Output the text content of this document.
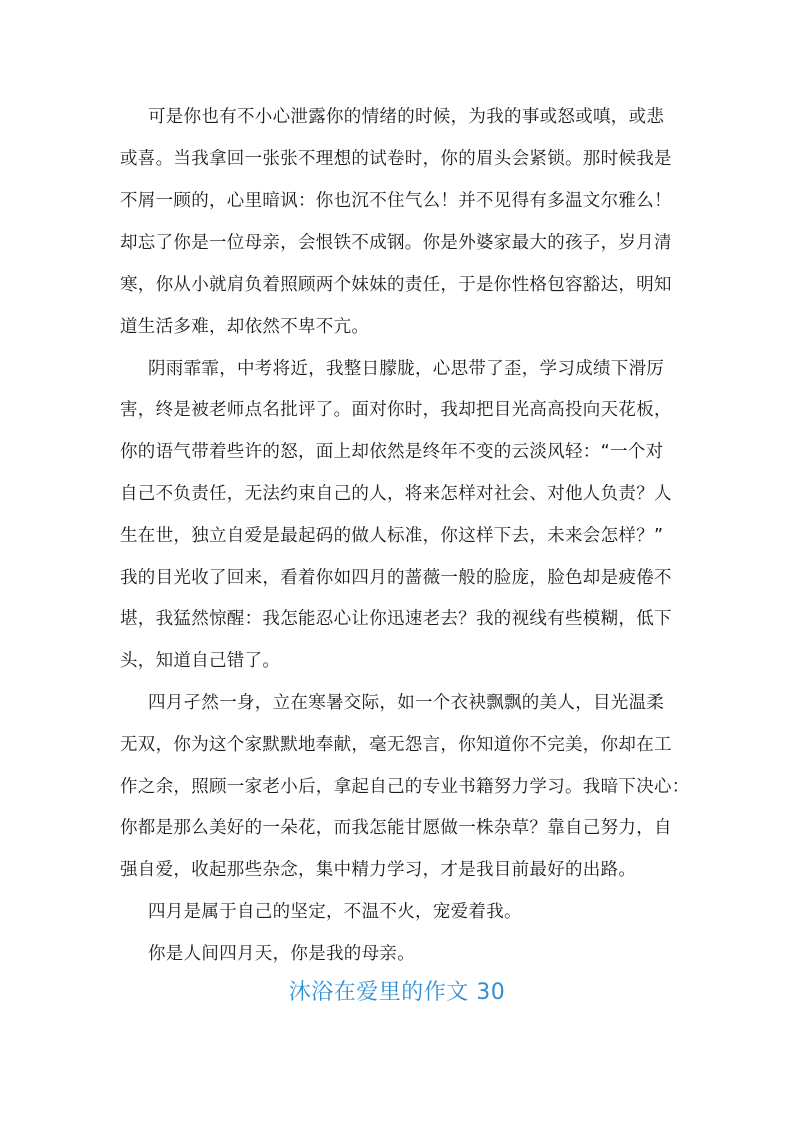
可是你也有不小心泄露你的情绪的时候，为我的事或怒或嗔，或悲
或喜。当我拿回一张张不理想的试卷时，你的眉头会紧锁。那时候我是
不屑一顾的，心里暗讽：你也沉不住气么！并不见得有多温文尔雅么！
却忘了你是一位母亲，会恨铁不成钢。你是外婆家最大的孩子，岁月清
寒，你从小就肩负着照顾两个妹妹的责任，于是你性格包容豁达，明知
道生活多难，却依然不卑不亢。
阴雨霏霏，中考将近，我整日朦胧，心思带了歪，学习成绩下滑厉
害，终是被老师点名批评了。面对你时，我却把目光高高投向天花板，
你的语气带着些许的怒，面上却依然是终年不变的云淡风轻：“一个对
自己不负责任，无法约束自己的人，将来怎样对社会、对他人负责？人
生在世，独立自爱是最起码的做人标准，你这样下去，未来会怎样？”
我的目光收了回来，看着你如四月的蔷薇一般的脸庞，脸色却是疲倦不
堪，我猛然惊醒：我怎能忍心让你迅速老去？我的视线有些模糊，低下
头，知道自己错了。
四月孑然一身，立在寒暑交际，如一个衣袂飘飘的美人，目光温柔
无双，你为这个家默默地奉献，毫无怨言，你知道你不完美，你却在工
作之余，照顾一家老小后，拿起自己的专业书籍努力学习。我暗下决心：
你都是那么美好的一朵花，而我怎能甘愿做一株杂草？靠自己努力，自
强自爱，收起那些杂念，集中精力学习，才是我目前最好的出路。
四月是属于自己的坚定，不温不火，宠爱着我。
你是人间四月天，你是我的母亲。
沐浴在爱里的作文 30
